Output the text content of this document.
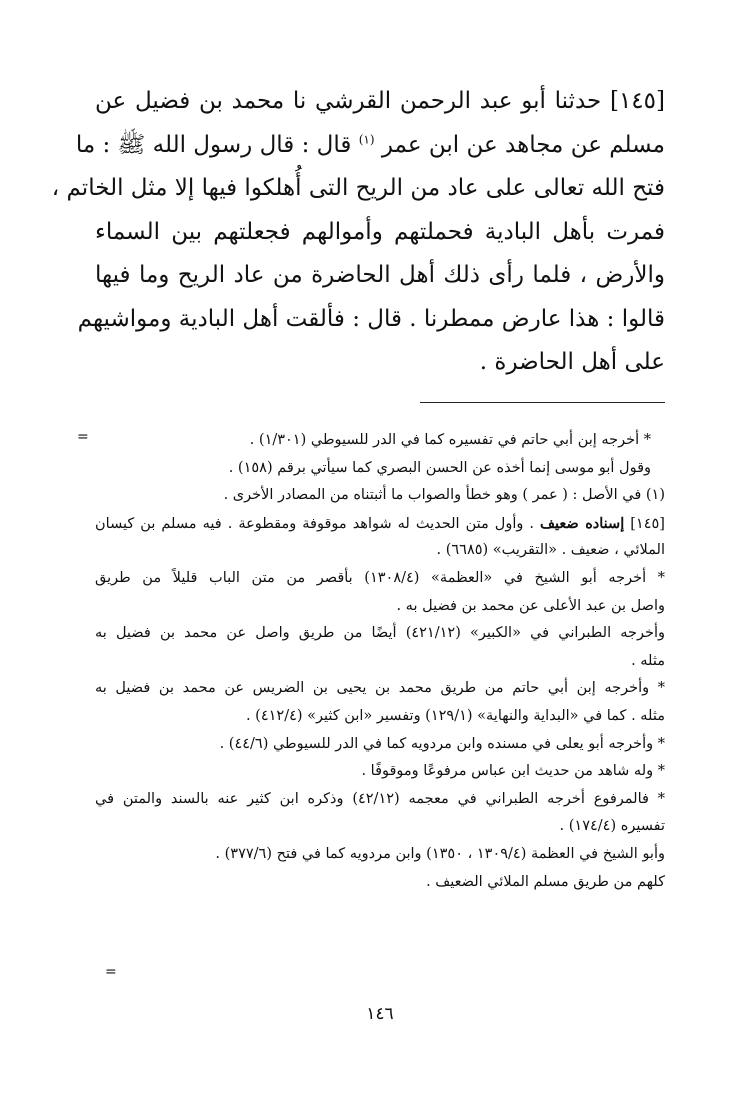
[١٤٥] حدثنا أبو عبد الرحمن القرشي نا محمد بن فضيل عن
مسلم عن مجاهد عن ابن عمر $^{(١)}$ قال : قال رسول الله ﷺ : ما
فتح الله تعالى على عاد من الريح التى أُهلكوا فيها إلا مثل الخاتم ،
فمرت بأهل البادية فحملتهم وأموالهم فجعلتهم بين السماء
والأرض ، فلما رأى ذلك أهل الحاضرة من عاد الريح وما فيها
قالوا : هذا عارض ممطرنا . قال : فألقت أهل البادية ومواشيهم
على أهل الحاضرة .
=	* أخرجه إبن أبي حاتم في تفسيره كما في الدر للسيوطي (١/٣٠١) .
وقول أبو موسى إنما أخذه عن الحسن البصري كما سيأتي برقم (١٥٨) .
(١) في الأصل : ( عمر ) وهو خطأ والصواب ما أثبتناه من المصادر الأخرى .
[١٤٥] إسناده ضعيف . وأول متن الحديث له شواهد موقوفة ومقطوعة . فيه مسلم بن كيسان
الملائي ، ضعيف . «التقريب» (٦٦٨٥) .
* أخرجه أبو الشيخ في «العظمة» (١٣٠٨/٤) بأقصر من متن الباب قليلاً من طريق
واصل بن عبد الأعلى عن محمد بن فضيل به .
وأخرجه الطبراني في «الكبير» (٤٢١/١٢) أيضًا من طريق واصل عن محمد بن فضيل به
مثله .
* وأخرجه إبن أبي حاتم من طريق محمد بن يحيى بن الضريس عن محمد بن فضيل به
مثله . كما في «البداية والنهاية» (١٢٩/١) وتفسير «ابن كثير» (٤١٢/٤) .
* وأخرجه أبو يعلى في مسنده وابن مردويه كما في الدر للسيوطي (٤٤/٦) .
* وله شاهد من حديث ابن عباس مرفوعًا وموقوفًا .
* فالمرفوع أخرجه الطبراني في معجمه (٤٢/١٢) وذكره ابن كثير عنه بالسند والمتن في
تفسيره (١٧٤/٤) .
وأبو الشيخ في العظمة (١٣٠٩/٤ ، ١٣٥٠) وابن مردويه كما في فتح (٣٧٧/٦) .
كلهم من طريق مسلم الملائي الضعيف .
=
١٤٦
